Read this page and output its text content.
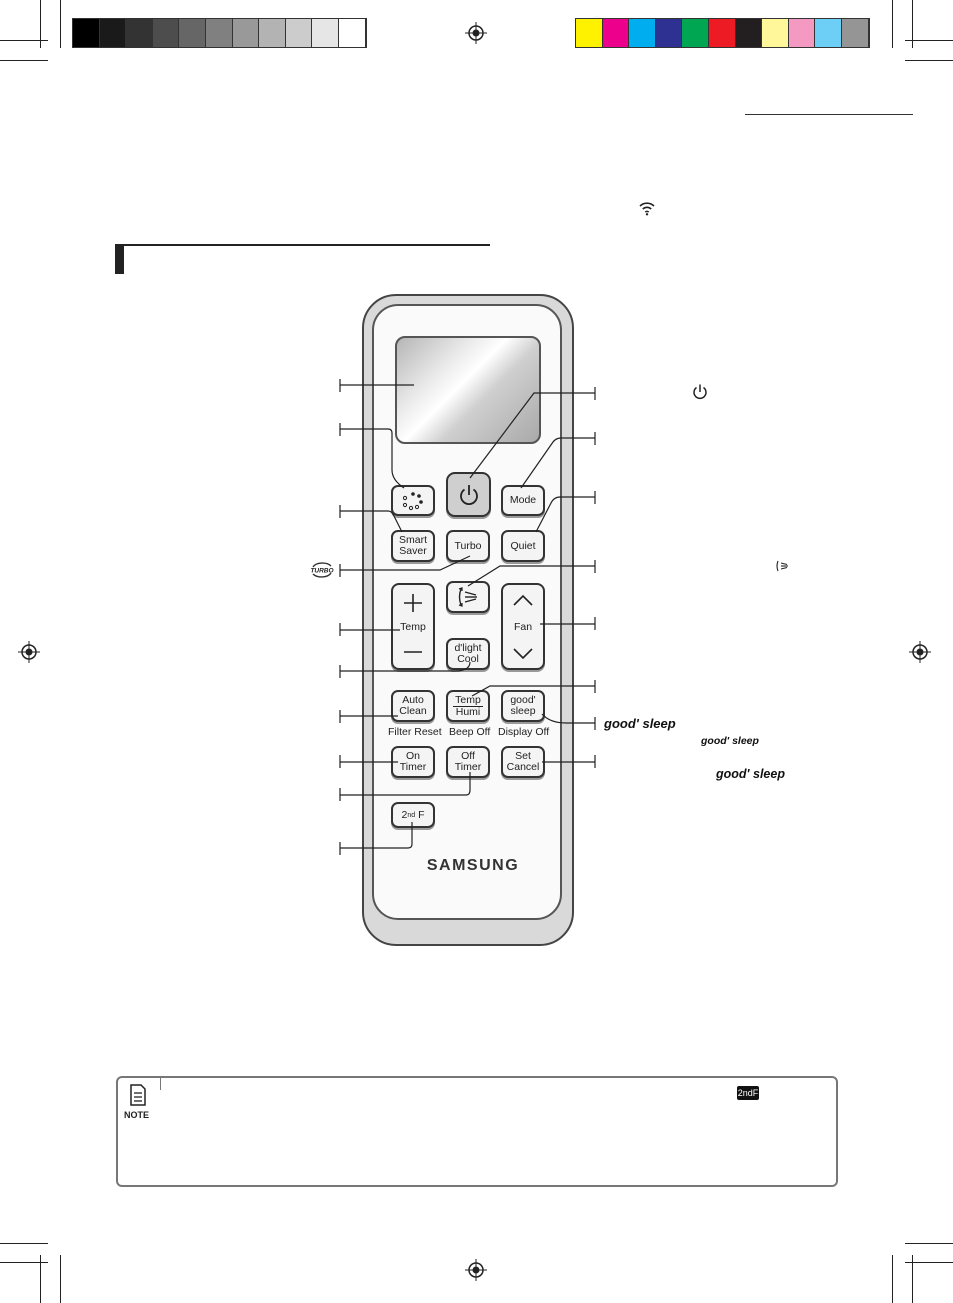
Mode
Smart
Saver	Turbo	Quiet
Temp	Fan
d'light
Cool
Auto
Clean
Temp
Humi
good'
sleep
Filter Reset Beep Off Display Off
On
Timer
Off
Timer
Set
Cancel
2 nd F
SAMSUNG
good' sleep
good' sleep
good' sleep
TURBO
NOTE
2ndF
